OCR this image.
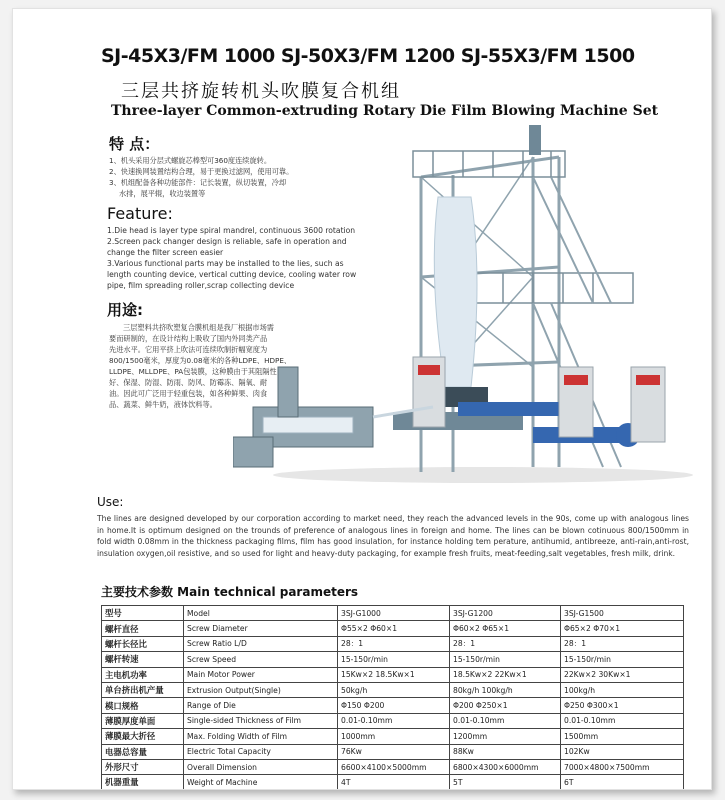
SJ-45X3/FM 1000 SJ-50X3/FM 1200 SJ-55X3/FM 1500
三层共挤旋转机头吹膜复合机组
Three-layer Common-extruding Rotary Die Film Blowing Machine Set
特 点：
1、机头采用分层式螺旋芯棒型可360度连续旋转。
2、快速换网装置结构合理，易于更换过滤网，使用可靠。
3、机组配备各种功能部件：记长装置，纵切装置，冷却
水排，展平辊，收边装置等
Feature:
1.Die head is layer type spiral mandrel, continuous 3600 rotation
2.Screen pack changer design is reliable, safe in operation and
change the filter screen easier
3.Various functional parts may be installed to the lies, such as
length counting device, vertical cutting device, cooling water row
pipe, film spreading roller,scrap collecting device
用途:
三层塑料共挤吹塑复合膜机组是我厂根据市场需
要而研制的，在设计结构上吸收了国内外同类产品
先进水平。它用平挤上吹法可连续吹制折幅宽度为
800/1500毫米，厚度为0.08毫米的各种LDPE、HDPE、
LLDPE、MLLDPE、PA包装膜，这种膜由于其阻隔性
好、保湿、防湿、防雨、防风、防霉冻、隔氧、耐
油。因此可广泛用于轻重包装，如各种鲜果、肉食
品、蔬菜、鲜牛奶，液体饮料等。
Use:
The lines are designed developed by our corporation according to market need, they reach the advanced levels in the 90s, come up with analogous lines in home.It is optimum designed on the trounds of preference of analogous lines in foreign and home. The lines can be blown cotinuous 800/1500mm in fold width 0.08mm in the thickness packaging films, film has good insulation, for instance holding tem perature, antihumid, antibreeze, anti-rain,anti-rost, insulation oxygen,oil resistive, and so used for light and heavy-duty packaging, for example fresh fruits, meat-feeding,salt vegetables, fresh milk, drink.
主要技术参数 Main technical parameters
型号	Model	3SJ-G1000	3SJ-G1200	3SJ-G1500
螺杆直径	Screw Diameter	Φ55×2 Φ60×1	Φ60×2 Φ65×1	Φ65×2 Φ70×1
螺杆长径比	Screw Ratio L/D	28：1	28：1	28：1
螺杆转速	Screw Speed	15-150r/min	15-150r/min	15-150r/min
主电机功率	Main Motor Power	15Kw×2 18.5Kw×1	18.5Kw×2 22Kw×1	22Kw×2 30Kw×1
单台挤出机产量	Extrusion Output(Single)	50kg/h	80kg/h 100kg/h	100kg/h
模口规格	Range of Die	Φ150 Φ200	Φ200 Φ250×1	Φ250 Φ300×1
薄膜厚度单面	Single-sided Thickness of Film	0.01-0.10mm	0.01-0.10mm	0.01-0.10mm
薄膜最大折径	Max. Folding Width of Film	1000mm	1200mm	1500mm
电器总容量	Electric Total Capacity	76Kw	88Kw	102Kw
外形尺寸	Overall Dimension	6600×4100×5000mm	6800×4300×6000mm	7000×4800×7500mm
机器重量	Weight of Machine	4T	5T	6T
